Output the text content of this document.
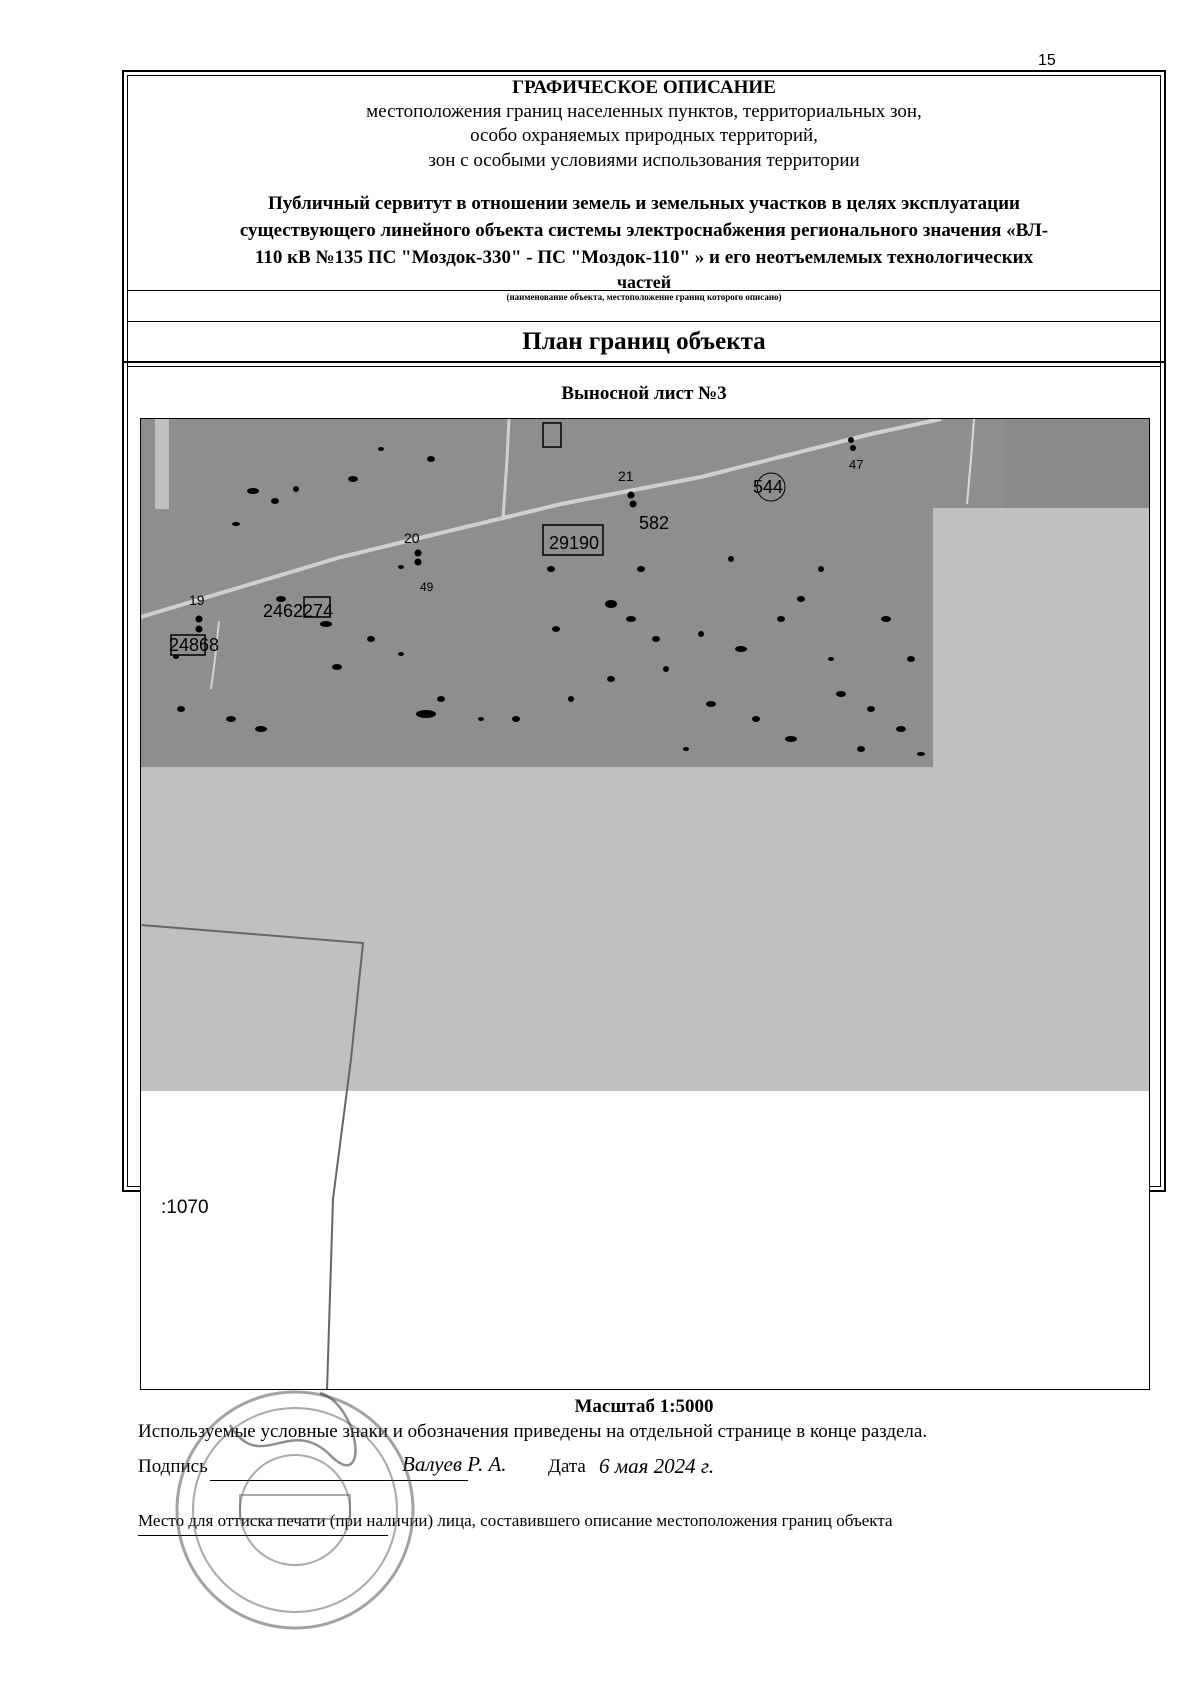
15
ГРАФИЧЕСКОЕ ОПИСАНИЕ
местоположения границ населенных пунктов, территориальных зон,
особо охраняемых природных территорий,
зон с особыми условиями использования территории
Публичный сервитут в отношении земель и земельных участков в целях эксплуатации
существующего линейного объекта системы электроснабжения регионального значения «ВЛ-
110 кВ №135 ПС "Моздок-330" - ПС "Моздок-110" » и его неотъемлемых технологических
частей
(наименование объекта, местоположение границ которого описано)
План границ объекта
Выносной лист №3
544
47
21
582
29190
20
49
19
2462274
24868
:1070
Масштаб 1:5000
Используемые условные знаки и обозначения приведены на отдельной странице в конце раздела.
Подпись	Валуев Р. А. Дата 6 мая 2024 г.
Место для оттиска печати (при наличии) лица, составившего описание местоположения границ объекта
